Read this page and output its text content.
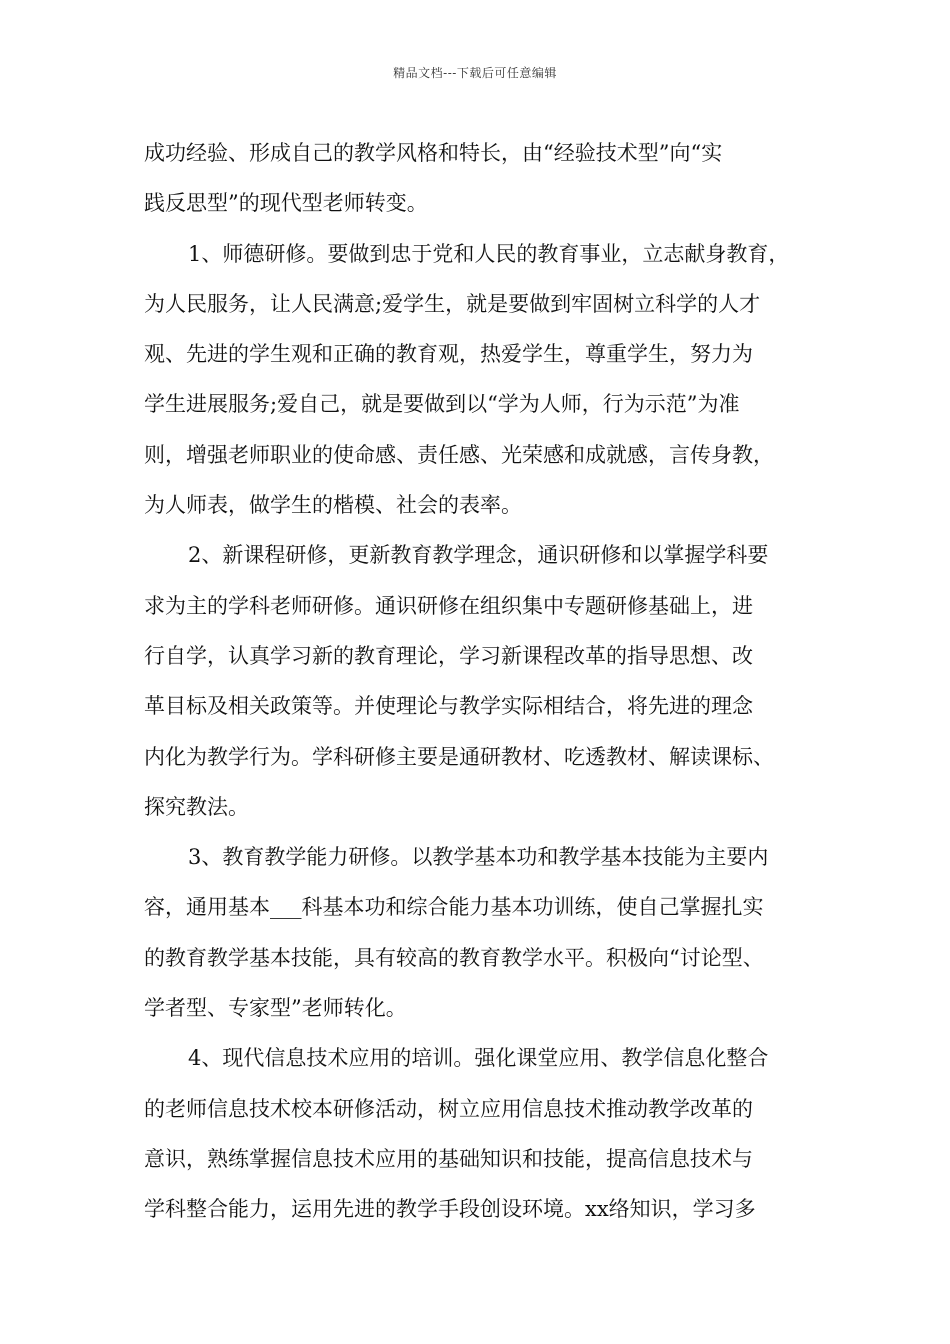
精品文档---下载后可任意编辑
成功经验、形成自己的教学风格和特长，由“经验技术型”向“实
践反思型”的现代型老师转变。
1、师德研修。要做到忠于党和人民的教育事业，立志献身教育，
为人民服务，让人民满意;爱学生，就是要做到牢固树立科学的人才
观、先进的学生观和正确的教育观，热爱学生，尊重学生，努力为
学生进展服务;爱自己，就是要做到以“学为人师，行为示范”为准
则，增强老师职业的使命感、责任感、光荣感和成就感，言传身教，
为人师表，做学生的楷模、社会的表率。
2、新课程研修，更新教育教学理念，通识研修和以掌握学科要
求为主的学科老师研修。通识研修在组织集中专题研修基础上，进
行自学，认真学习新的教育理论，学习新课程改革的指导思想、改
革目标及相关政策等。并使理论与教学实际相结合，将先进的理念
内化为教学行为。学科研修主要是通研教材、吃透教材、解读课标、
探究教法。
3、教育教学能力研修。以教学基本功和教学基本技能为主要内
容，通用基本___科基本功和综合能力基本功训练，使自己掌握扎实
的教育教学基本技能，具有较高的教育教学水平。积极向“讨论型、
学者型、专家型”老师转化。
4、现代信息技术应用的培训。强化课堂应用、教学信息化整合
的老师信息技术校本研修活动，树立应用信息技术推动教学改革的
意识，熟练掌握信息技术应用的基础知识和技能，提高信息技术与
学科整合能力，运用先进的教学手段创设环境。xx络知识，学习多
